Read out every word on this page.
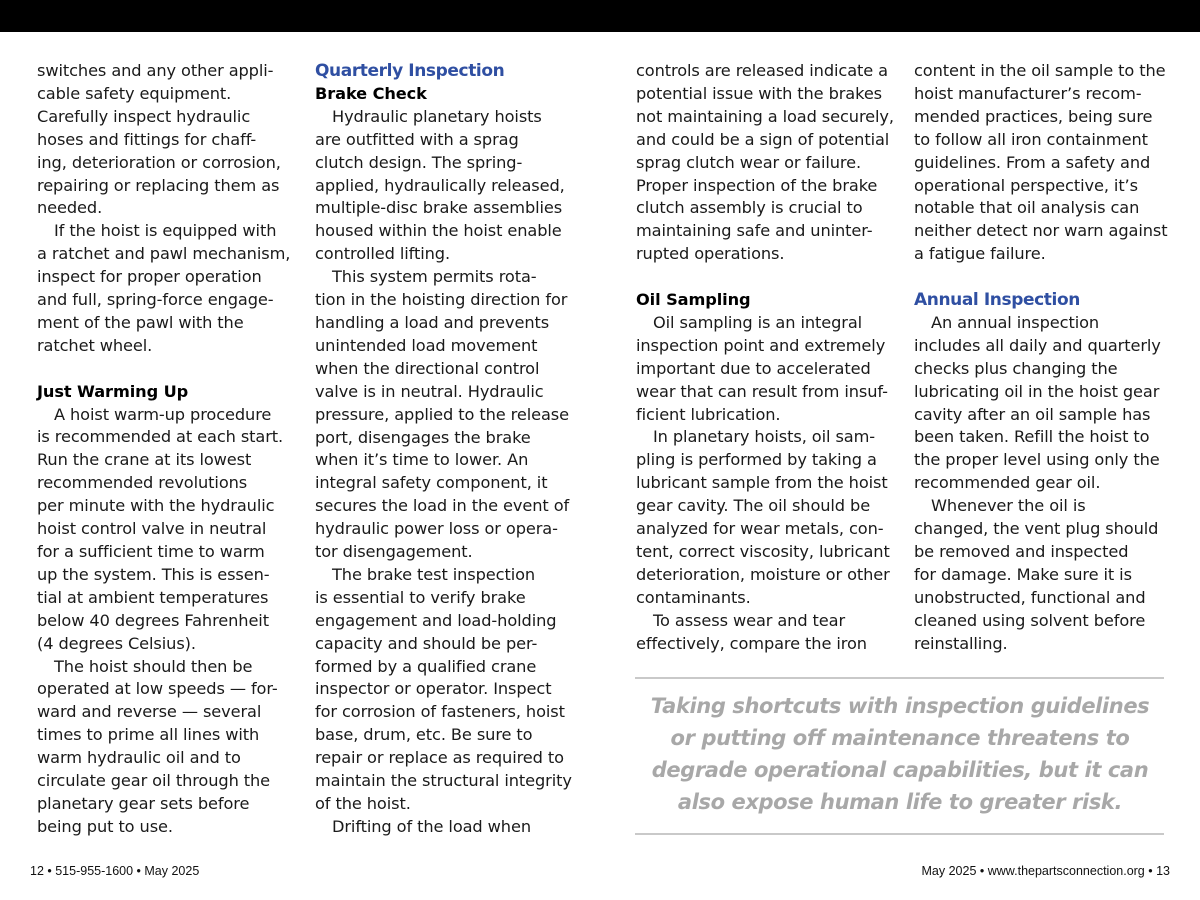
switches and any other appli-
cable safety equipment.
Carefully inspect hydraulic
hoses and fittings for chaff-
ing, deterioration or corrosion,
repairing or replacing them as
needed.

If the hoist is equipped with
a ratchet and pawl mechanism,
inspect for proper operation
and full, spring-force engage-
ment of the pawl with the
ratchet wheel.

Just Warming Up

A hoist warm-up procedure
is recommended at each start.
Run the crane at its lowest
recommended revolutions
per minute with the hydraulic
hoist control valve in neutral
for a sufficient time to warm
up the system. This is essen-
tial at ambient temperatures
below 40 degrees Fahrenheit
(4 degrees Celsius).

The hoist should then be
operated at low speeds — for-
ward and reverse — several
times to prime all lines with
warm hydraulic oil and to
circulate gear oil through the
planetary gear sets before
being put to use.

Quarterly Inspection

Brake Check

Hydraulic planetary hoists
are outfitted with a sprag
clutch design. The spring-
applied, hydraulically released,
multiple-disc brake assemblies
housed within the hoist enable
controlled lifting.

This system permits rota-
tion in the hoisting direction for
handling a load and prevents
unintended load movement
when the directional control
valve is in neutral. Hydraulic
pressure, applied to the release
port, disengages the brake
when it’s time to lower. An
integral safety component, it
secures the load in the event of
hydraulic power loss or opera-
tor disengagement.

The brake test inspection
is essential to verify brake
engagement and load-holding
capacity and should be per-
formed by a qualified crane
inspector or operator. Inspect
for corrosion of fasteners, hoist
base, drum, etc. Be sure to
repair or replace as required to
maintain the structural integrity
of the hoist.

Drifting of the load when

controls are released indicate a
potential issue with the brakes
not maintaining a load securely,
and could be a sign of potential
sprag clutch wear or failure.
Proper inspection of the brake
clutch assembly is crucial to
maintaining safe and uninter-
rupted operations.

Oil Sampling

Oil sampling is an integral
inspection point and extremely
important due to accelerated
wear that can result from insuf-
ficient lubrication.

In planetary hoists, oil sam-
pling is performed by taking a
lubricant sample from the hoist
gear cavity. The oil should be
analyzed for wear metals, con-
tent, correct viscosity, lubricant
deterioration, moisture or other
contaminants.

To assess wear and tear
effectively, compare the iron

content in the oil sample to the
hoist manufacturer’s recom-
mended practices, being sure
to follow all iron containment
guidelines. From a safety and
operational perspective, it’s
notable that oil analysis can
neither detect nor warn against
a fatigue failure.

Annual Inspection

An annual inspection
includes all daily and quarterly
checks plus changing the
lubricating oil in the hoist gear
cavity after an oil sample has
been taken. Refill the hoist to
the proper level using only the
recommended gear oil.

Whenever the oil is
changed, the vent plug should
be removed and inspected
for damage. Make sure it is
unobstructed, functional and
cleaned using solvent before
reinstalling.

Taking shortcuts with inspection guidelines
or putting off maintenance threatens to
degrade operational capabilities, but it can
also expose human life to greater risk.
12 • 515-955-1600 • May 2025	May 2025 • www.thepartsconnection.org • 13
